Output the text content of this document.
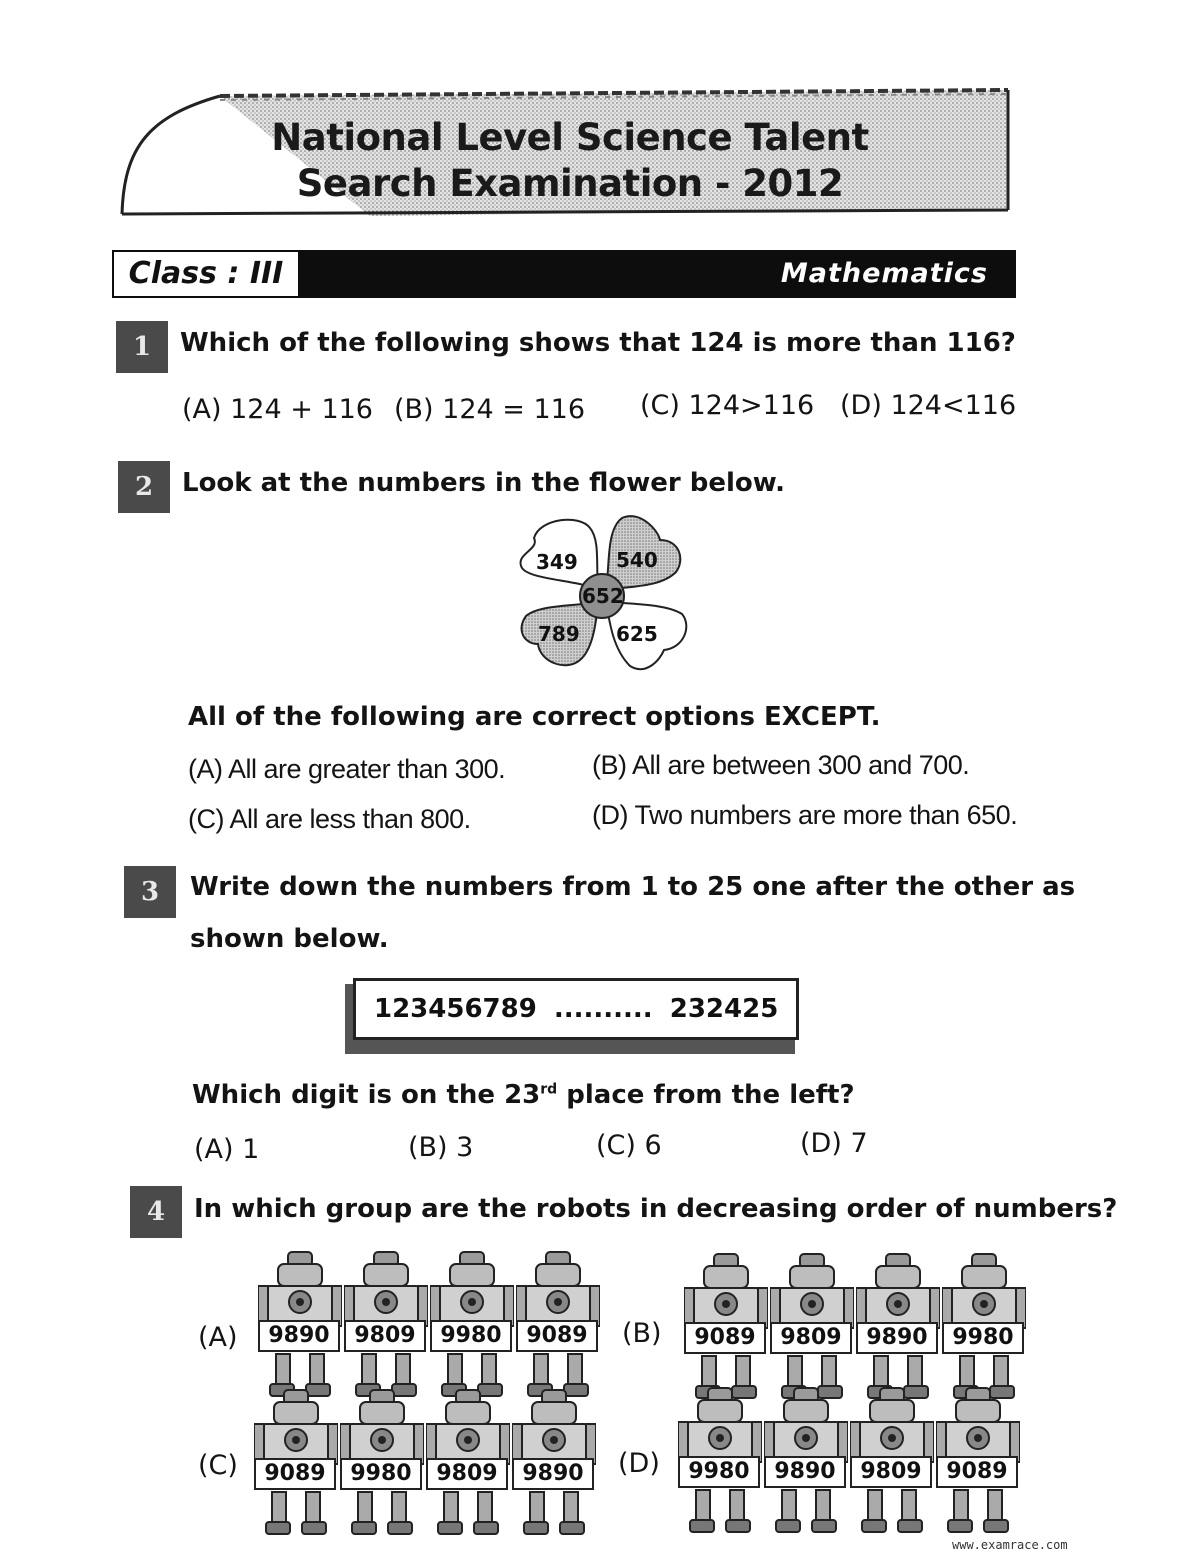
National Level Science Talent
Search Examination - 2012
Class : III	Mathematics
1	Which of the following shows that 124 is more than 116?
(A) 124 + 116 (B) 124 = 116 (C) 124>116 (D) 124<116
2	Look at the numbers in the flower below.
349 540
652
789 625
All of the following are correct options EXCEPT.
(A) All are greater than 300.	(B) All are between 300 and 700.
(C) All are less than 800.	(D) Two numbers are more than 650.
3	Write down the numbers from 1 to 25 one after the other as
shown below.
123456789 .......... 232425
Which digit is on the 23rd place from the left?
(A) 1	(B) 3	(C) 6	(D) 7
4	In which group are the robots in decreasing order of numbers?
(A)	(B)
(C)	(D)
9890	9809	9980	9089	9089	9809	9890	9980
9089	9980	9809	9890	9980	9890	9809	9089
www.examrace.com
